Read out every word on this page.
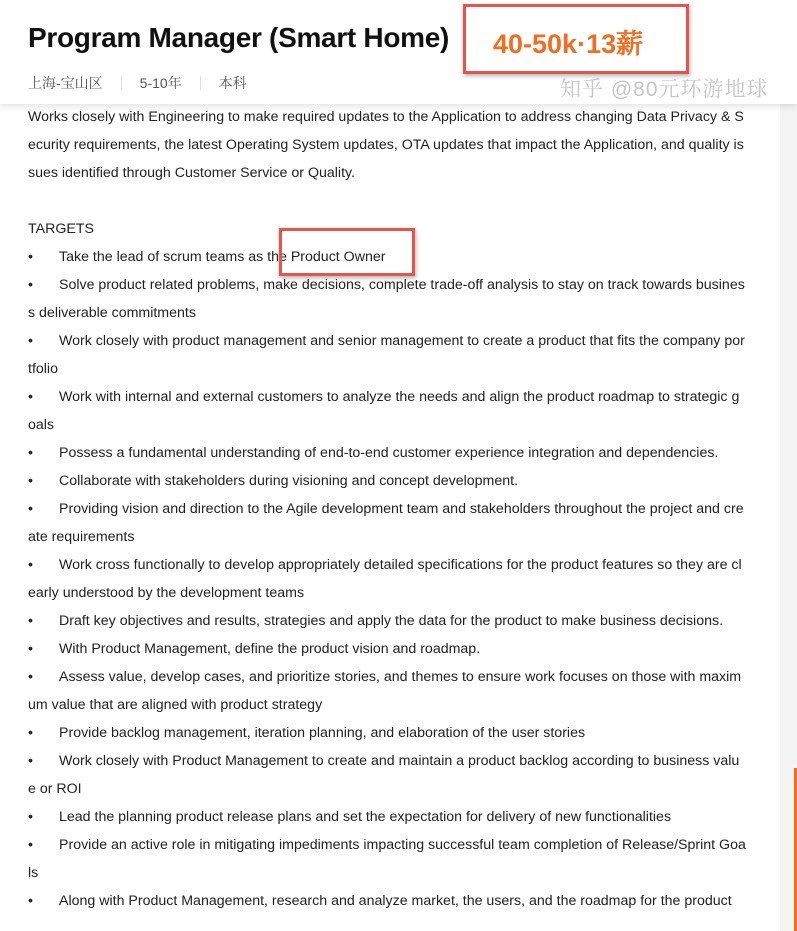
Program Manager (Smart Home) 40-50k·13薪
上海-宝山区	5-10年	本科

Works closely with Engineering to make required updates to the Application to address changing Data Privacy & Security requirements, the latest Operating System updates, OTA updates that impact the Application, and quality issues identified through Customer Service or Quality.

TARGETS

• Take the lead of scrum teams as the Product Owner

• Solve product related problems, make decisions, complete trade-off analysis to stay on track towards business deliverable commitments

• Work closely with product management and senior management to create a product that fits the company portfolio

• Work with internal and external customers to analyze the needs and align the product roadmap to strategic goals

• Possess a fundamental understanding of end-to-end customer experience integration and dependencies.

• Collaborate with stakeholders during visioning and concept development.

• Providing vision and direction to the Agile development team and stakeholders throughout the project and create requirements

• Work cross functionally to develop appropriately detailed specifications for the product features so they are clearly understood by the development teams

• Draft key objectives and results, strategies and apply the data for the product to make business decisions.

• With Product Management, define the product vision and roadmap.

• Assess value, develop cases, and prioritize stories, and themes to ensure work focuses on those with maximum value that are aligned with product strategy

• Provide backlog management, iteration planning, and elaboration of the user stories

• Work closely with Product Management to create and maintain a product backlog according to business value or ROI

• Lead the planning product release plans and set the expectation for delivery of new functionalities

• Provide an active role in mitigating impediments impacting successful team completion of Release/Sprint Goals

• Along with Product Management, research and analyze market, the users, and the roadmap for the product

知乎 @80元环游地球
